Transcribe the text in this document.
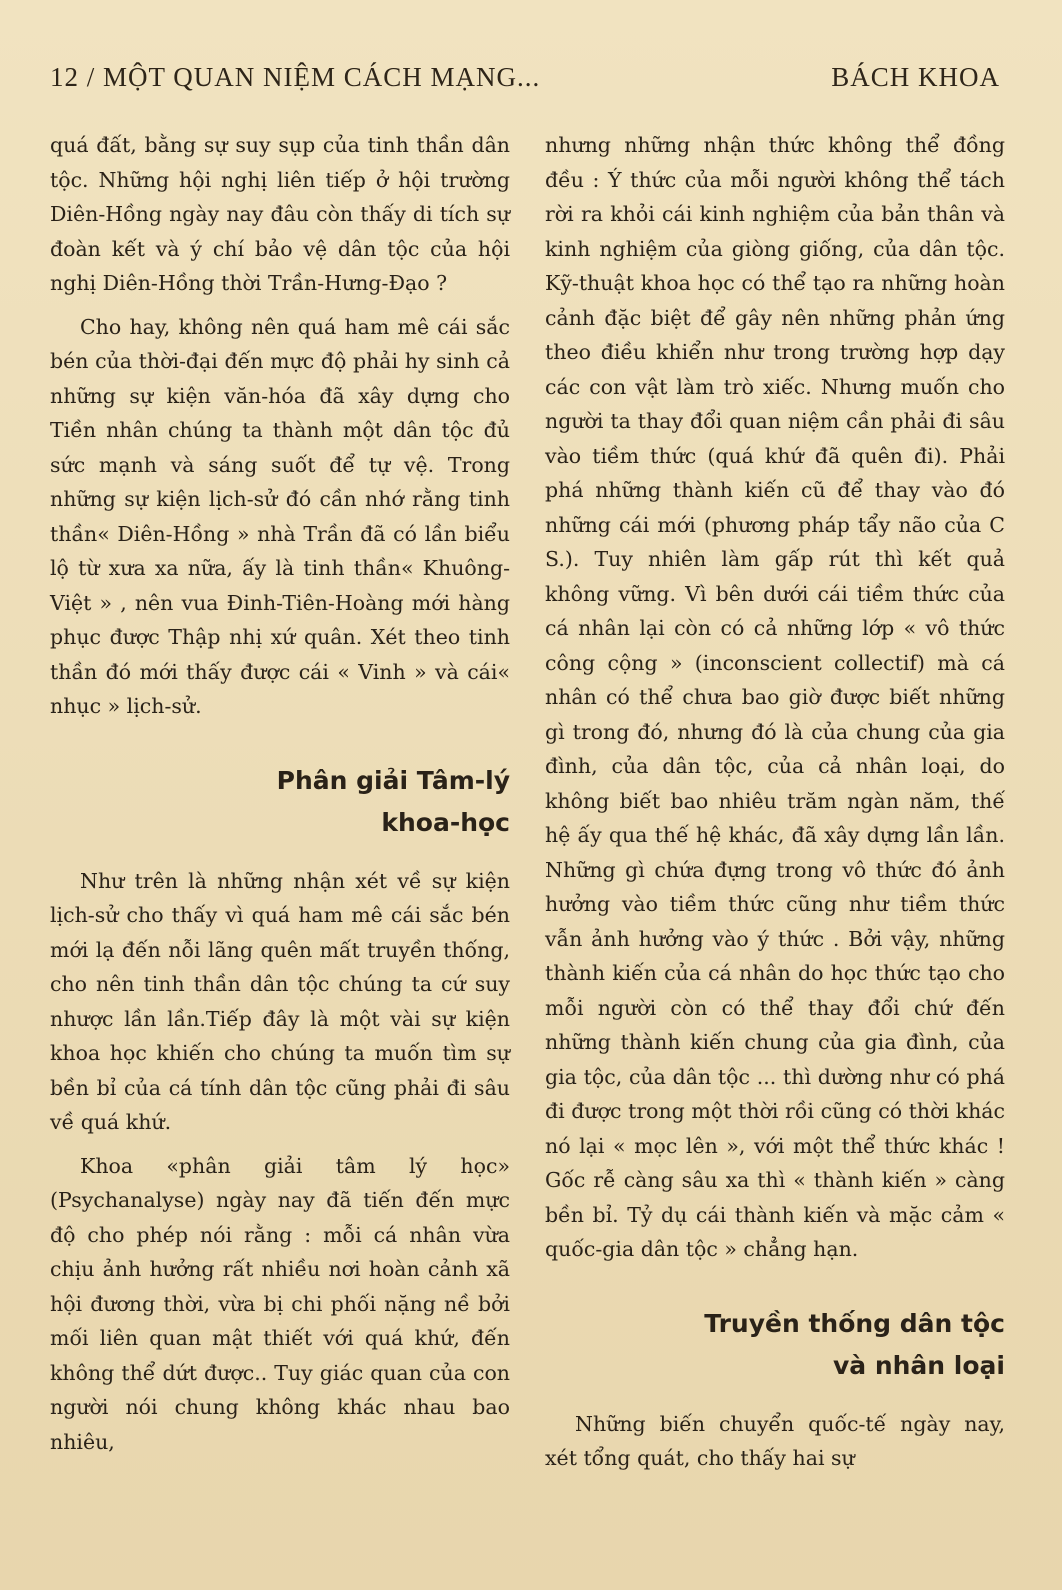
12 / MỘT QUAN NIỆM CÁCH MẠNG...	BÁCH KHOA

quá đất, bằng sự suy sụp của tinh thần dân tộc. Những hội nghị liên tiếp ở hội trường Diên-Hồng ngày nay đâu còn thấy di tích sự đoàn kết và ý chí bảo vệ dân tộc của hội nghị Diên-Hồng thời Trần-Hưng-Đạo ?

Cho hay, không nên quá ham mê cái sắc bén của thời-đại đến mực độ phải hy sinh cả những sự kiện văn-hóa đã xây dựng cho Tiền nhân chúng ta thành một dân tộc đủ sức mạnh và sáng suốt để tự vệ. Trong những sự kiện lịch-sử đó cần nhớ rằng tinh thần« Diên-Hồng » nhà Trần đã có lần biểu lộ từ xưa xa nữa, ấy là tinh thần« Khuông-Việt » , nên vua Đinh-Tiên-Hoàng mới hàng phục được Thập nhị xứ quân. Xét theo tinh thần đó mới thấy được cái « Vinh » và cái« nhục » lịch-sử.

Phân giải Tâm-lý
khoa-học

Như trên là những nhận xét về sự kiện lịch-sử cho thấy vì quá ham mê cái sắc bén mới lạ đến nỗi lãng quên mất truyền thống, cho nên tinh thần dân tộc chúng ta cứ suy nhược lần lần.Tiếp đây là một vài sự kiện khoa học khiến cho chúng ta muốn tìm sự bền bỉ của cá tính dân tộc cũng phải đi sâu về quá khứ.

Khoa «phân giải tâm lý học» (Psychanalyse) ngày nay đã tiến đến mực độ cho phép nói rằng : mỗi cá nhân vừa chịu ảnh hưởng rất nhiều nơi hoàn cảnh xã hội đương thời, vừa bị chi phối nặng nề bởi mối liên quan mật thiết với quá khứ, đến không thể dứt được.. Tuy giác quan của con người nói chung không khác nhau bao nhiêu,

nhưng những nhận thức không thể đồng đều : Ý thức của mỗi người không thể tách rời ra khỏi cái kinh nghiệm của bản thân và kinh nghiệm của giòng giống, của dân tộc. Kỹ-thuật khoa học có thể tạo ra những hoàn cảnh đặc biệt để gây nên những phản ứng theo điều khiển như trong trường hợp dạy các con vật làm trò xiếc. Nhưng muốn cho người ta thay đổi quan niệm cần phải đi sâu vào tiềm thức (quá khứ đã quên đi). Phải phá những thành kiến cũ để thay vào đó những cái mới (phương pháp tẩy não của C S.). Tuy nhiên làm gấp rút thì kết quả không vững. Vì bên dưới cái tiềm thức của cá nhân lại còn có cả những lớp « vô thức công cộng » (inconscient collectif) mà cá nhân có thể chưa bao giờ được biết những gì trong đó, nhưng đó là của chung của gia đình, của dân tộc, của cả nhân loại, do không biết bao nhiêu trăm ngàn năm, thế hệ ấy qua thế hệ khác, đã xây dựng lần lần. Những gì chứa đựng trong vô thức đó ảnh hưởng vào tiềm thức cũng như tiềm thức vẫn ảnh hưởng vào ý thức . Bởi vậy, những thành kiến của cá nhân do học thức tạo cho mỗi người còn có thể thay đổi chứ đến những thành kiến chung của gia đình, của gia tộc, của dân tộc ... thì dường như có phá đi được trong một thời rồi cũng có thời khác nó lại « mọc lên », với một thể thức khác ! Gốc rễ càng sâu xa thì « thành kiến » càng bền bỉ. Tỷ dụ cái thành kiến và mặc cảm « quốc-gia dân tộc » chẳng hạn.

Truyền thống dân tộc
và nhân loại

Những biến chuyển quốc-tế ngày nay, xét tổng quát, cho thấy hai sự
